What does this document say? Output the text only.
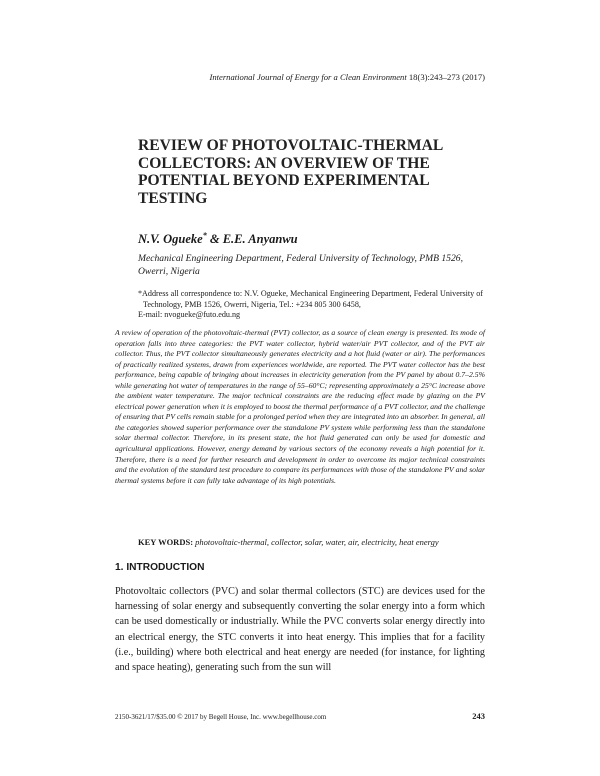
International Journal of Energy for a Clean Environment 18(3):243–273 (2017)
REVIEW OF PHOTOVOLTAIC-THERMAL COLLECTORS: AN OVERVIEW OF THE POTENTIAL BEYOND EXPERIMENTAL TESTING
N.V. Ogueke* & E.E. Anyanwu

Mechanical Engineering Department, Federal University of Technology, PMB 1526, Owerri, Nigeria

*Address all correspondence to: N.V. Ogueke, Mechanical Engineering Department, Federal University of Technology, PMB 1526, Owerri, Nigeria, Tel.: +234 805 300 6458,
E-mail: nvogueke@futo.edu.ng

A review of operation of the photovoltaic-thermal (PVT) collector, as a source of clean energy is presented. Its mode of operation falls into three categories: the PVT water collector, hybrid water/air PVT collector, and of the PVT air collector. Thus, the PVT collector simultaneously generates electricity and a hot fluid (water or air). The performances of practically realized systems, drawn from experiences worldwide, are reported. The PVT water collector has the best performance, being capable of bringing about increases in electricity generation from the PV panel by about 0.7–2.5% while generating hot water of temperatures in the range of 55–60°C; representing approximately a 25°C increase above the ambient water temperature. The major technical constraints are the reducing effect made by glazing on the PV electrical power generation when it is employed to boost the thermal performance of a PVT collector, and the challenge of ensuring that PV cells remain stable for a prolonged period when they are integrated into an absorber. In general, all the categories showed superior performance over the standalone PV system while performing less than the standalone solar thermal collector. Therefore, in its present state, the hot fluid generated can only be used for domestic and agricultural applications. However, energy demand by various sectors of the economy reveals a high potential for it. Therefore, there is a need for further research and development in order to overcome its major technical constraints and the evolution of the standard test procedure to compare its performances with those of the standalone PV and solar thermal systems before it can fully take advantage of its high potentials.

KEY WORDS: photovoltaic-thermal, collector, solar, water, air, electricity, heat energy

1. INTRODUCTION

Photovoltaic collectors (PVC) and solar thermal collectors (STC) are devices used for the harnessing of solar energy and subsequently converting the solar energy into a form which can be used domestically or industrially. While the PVC converts solar energy directly into an electrical energy, the STC converts it into heat energy. This implies that for a facility (i.e., building) where both electrical and heat energy are needed (for instance, for lighting and space heating), generating such from the sun will

2150-3621/17/$35.00 © 2017 by Begell House, Inc. www.begellhouse.com	243
